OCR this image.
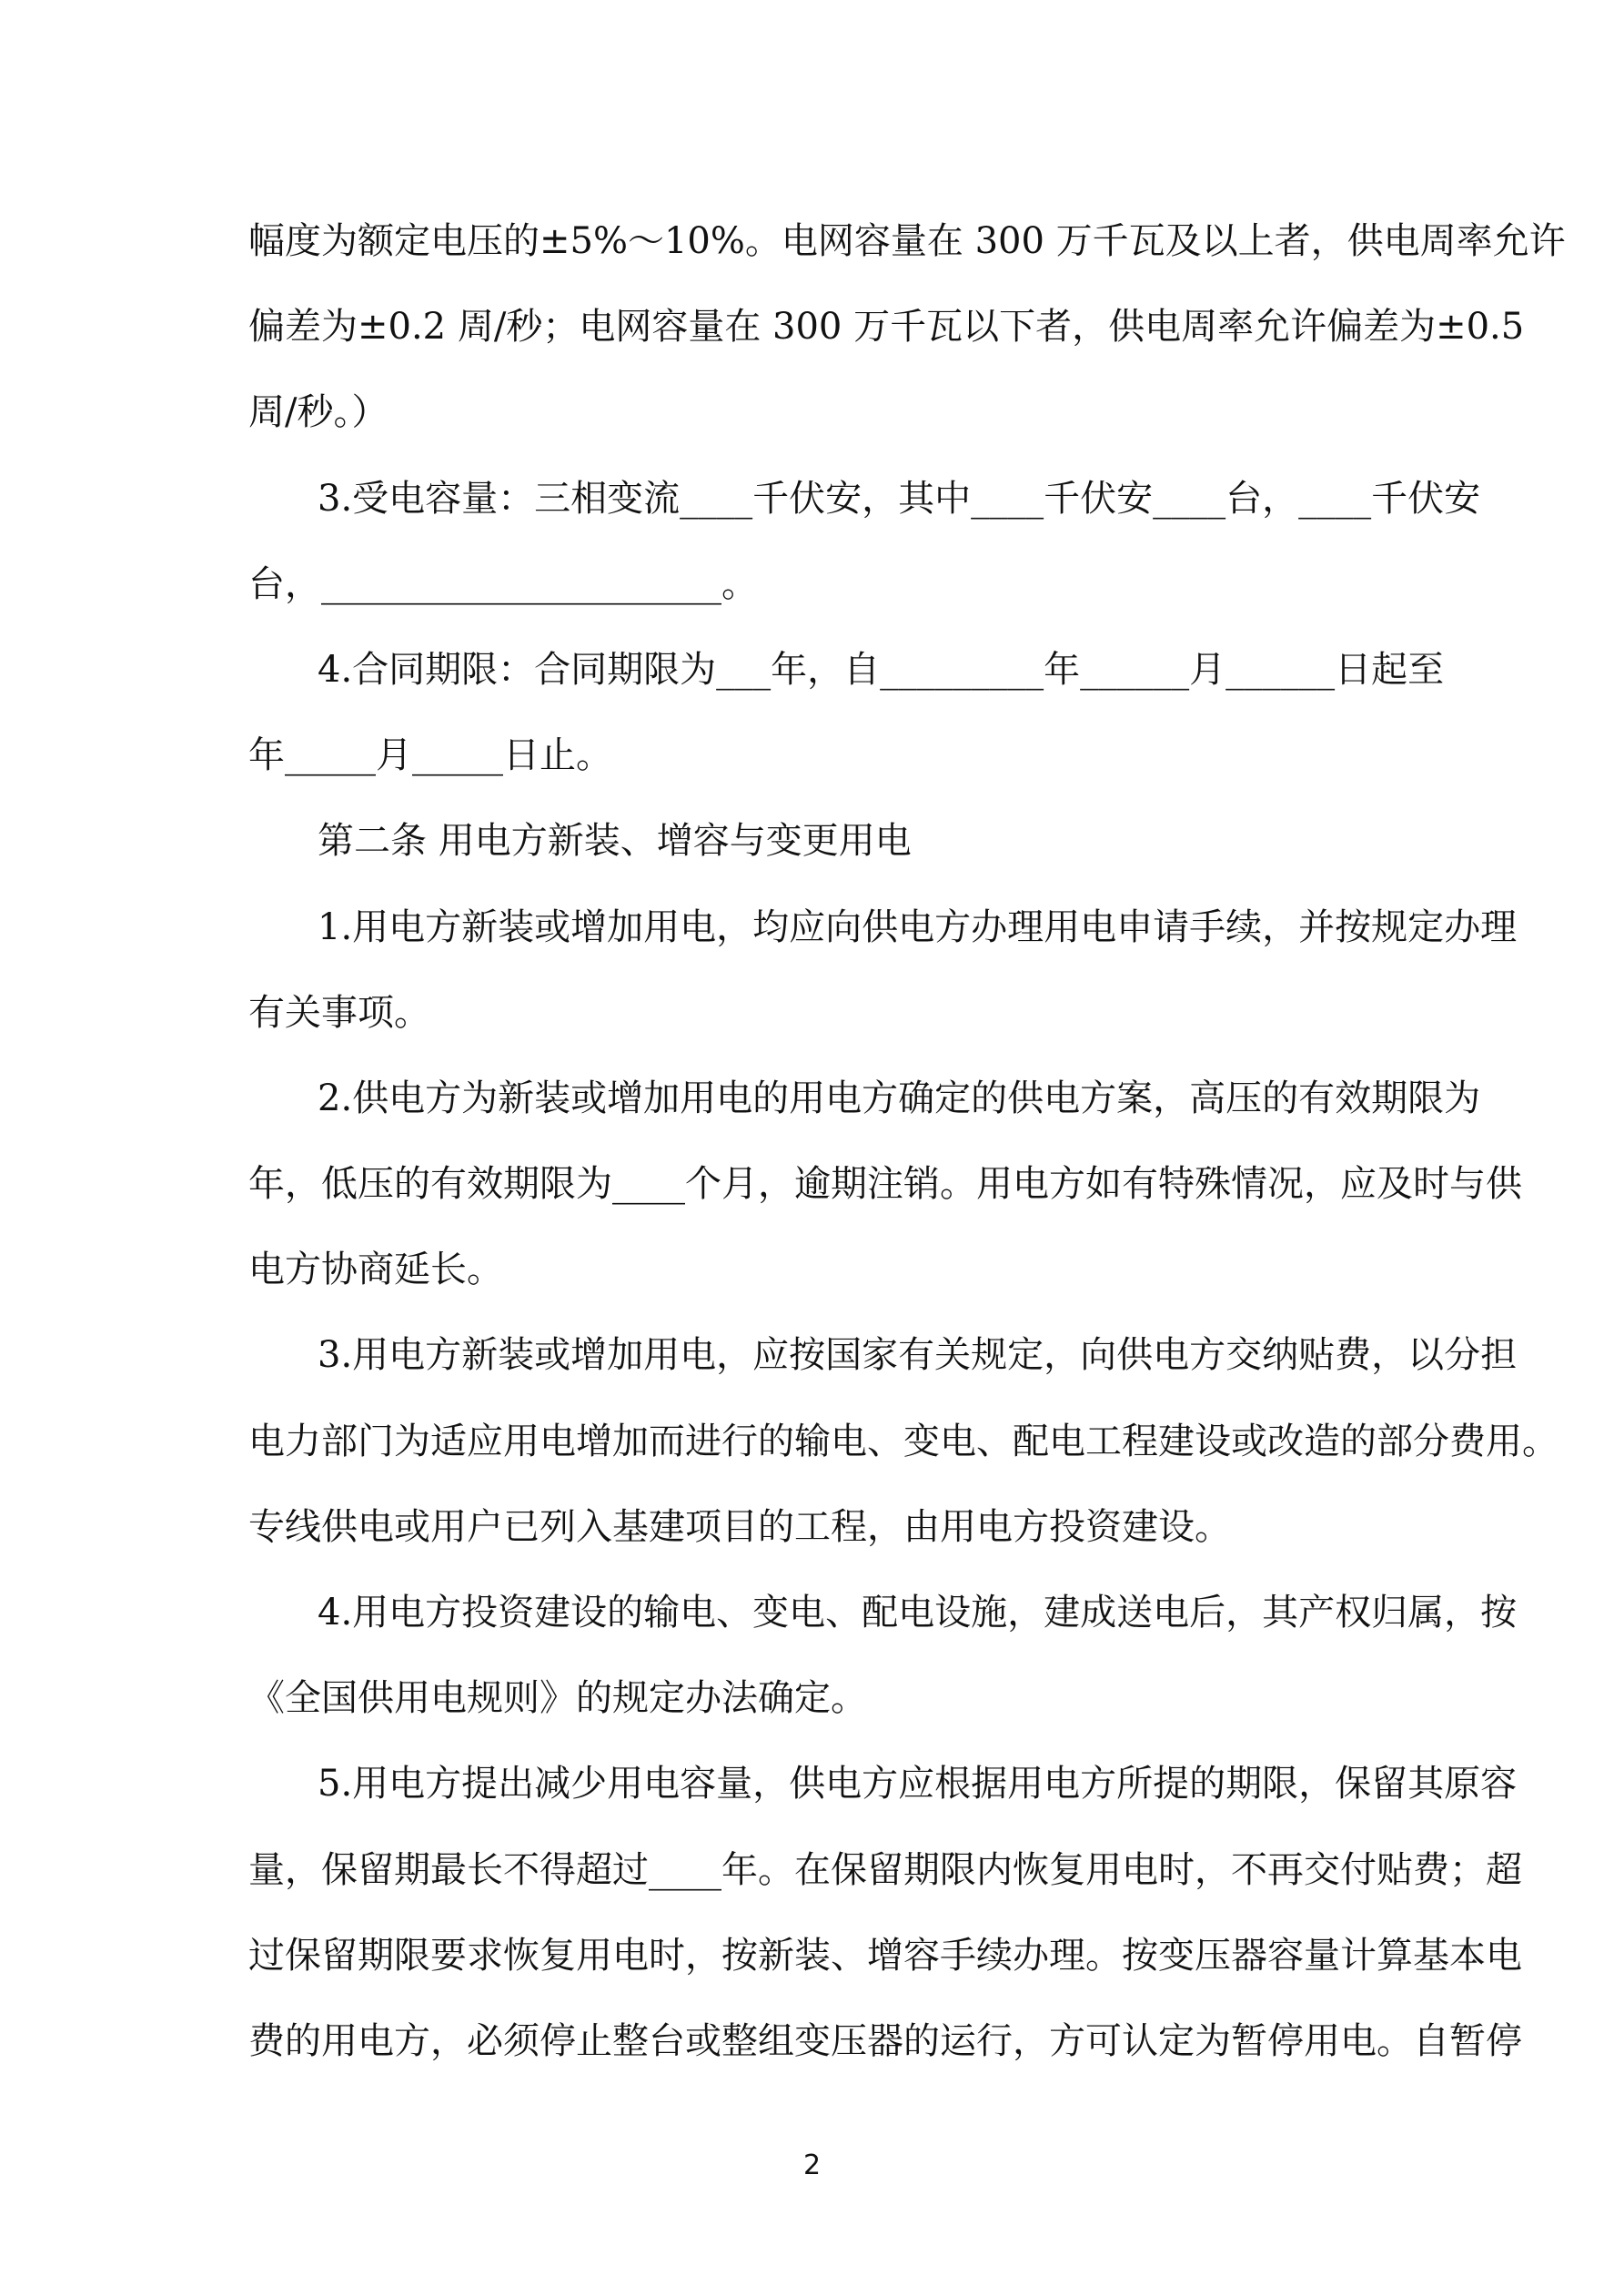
幅度为额定电压的±5%～10%。电网容量在 300 万千瓦及以上者，供电周率允许
偏差为±0.2 周/秒；电网容量在 300 万千瓦以下者，供电周率允许偏差为±0.5
周/秒。）
3.受电容量：三相变流____千伏安，其中____千伏安____台，____千伏安
台，______________________。
4.合同期限：合同期限为___年，自_________年______月______日起至
年_____月_____日止。
第二条 用电方新装、增容与变更用电
1.用电方新装或增加用电，均应向供电方办理用电申请手续，并按规定办理
有关事项。
2.供电方为新装或增加用电的用电方确定的供电方案，高压的有效期限为
年，低压的有效期限为____个月，逾期注销。用电方如有特殊情况，应及时与供
电方协商延长。
3.用电方新装或增加用电，应按国家有关规定，向供电方交纳贴费，以分担
电力部门为适应用电增加而进行的输电、变电、配电工程建设或改造的部分费用。
专线供电或用户已列入基建项目的工程，由用电方投资建设。
4.用电方投资建设的输电、变电、配电设施，建成送电后，其产权归属，按
《全国供用电规则》的规定办法确定。
5.用电方提出减少用电容量，供电方应根据用电方所提的期限，保留其原容
量，保留期最长不得超过____年。在保留期限内恢复用电时，不再交付贴费；超
过保留期限要求恢复用电时，按新装、增容手续办理。按变压器容量计算基本电
费的用电方，必须停止整台或整组变压器的运行，方可认定为暂停用电。自暂停
2
